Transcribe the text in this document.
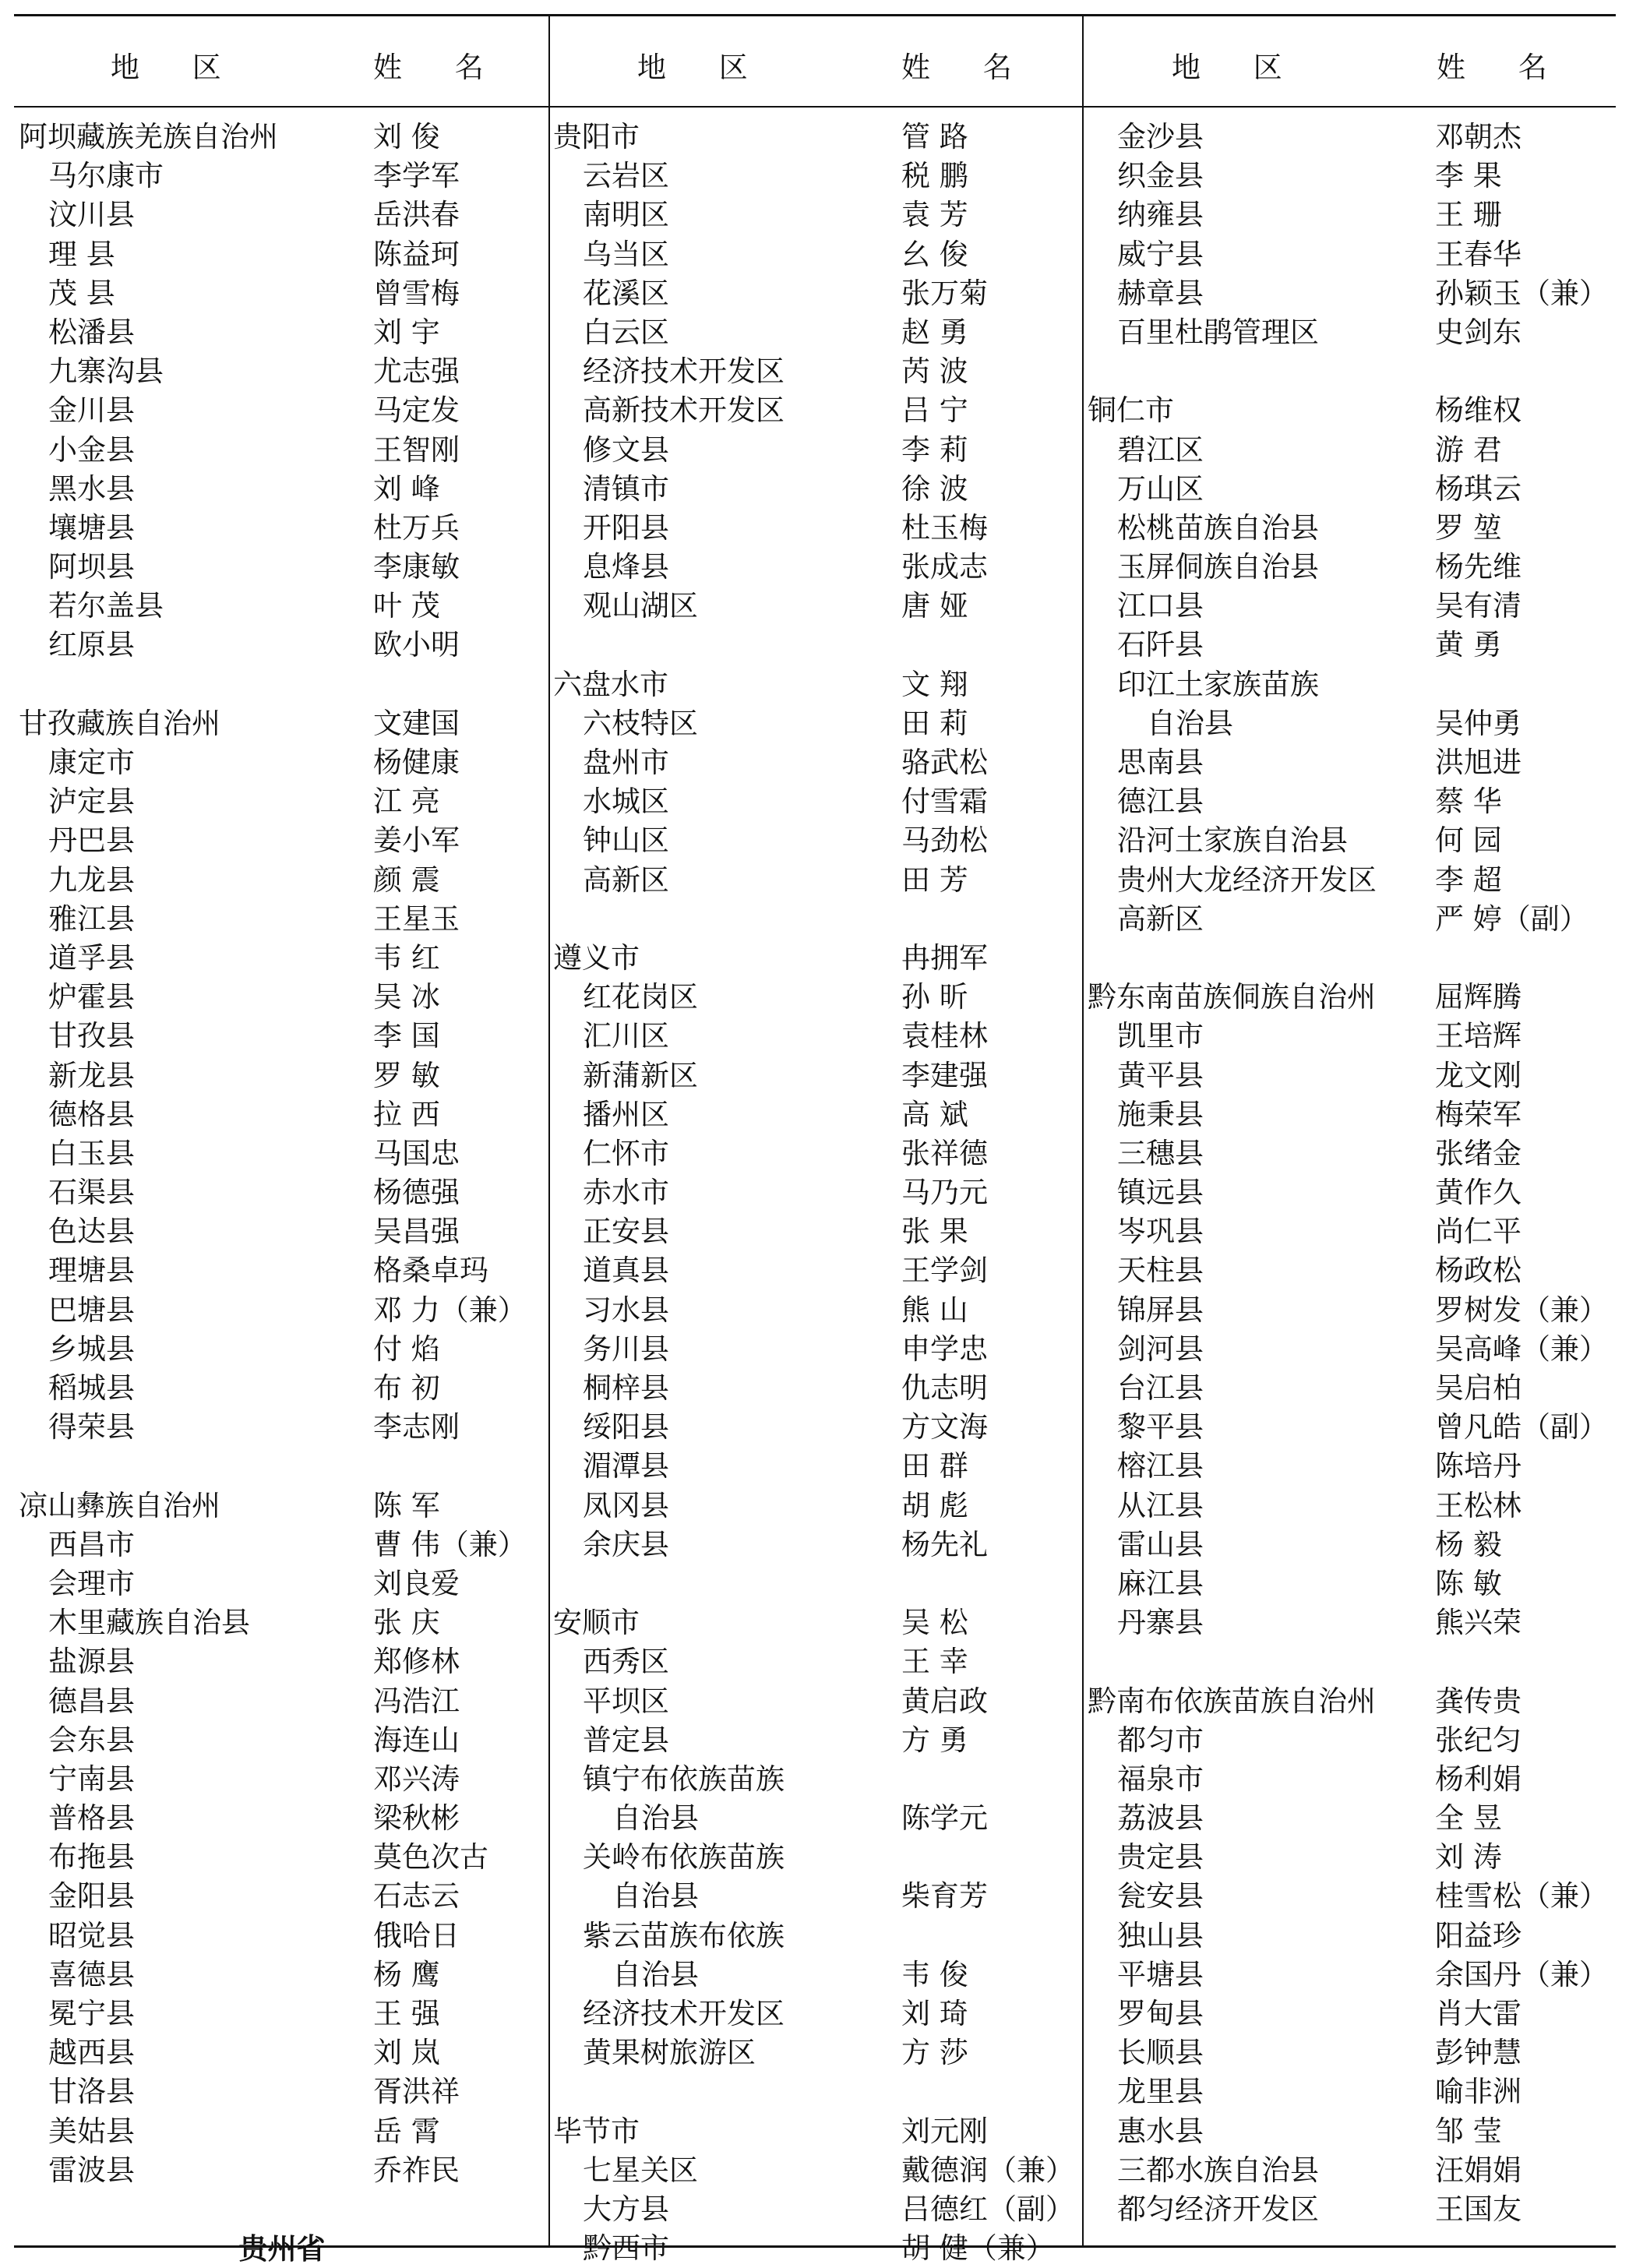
地 区	姓 名
阿坝藏族羌族自治州	刘 俊
马尔康市	李学军
汶川县	岳洪春
理 县	陈益珂
茂 县	曾雪梅
松潘县	刘 宇
九寨沟县	尤志强
金川县	马定发
小金县	王智刚
黑水县	刘 峰
壤塘县	杜万兵
阿坝县	李康敏
若尔盖县	叶 茂
红原县	欧小明
甘孜藏族自治州	文建国
康定市	杨健康
泸定县	江 亮
丹巴县	姜小军
九龙县	颜 震
雅江县	王星玉
道孚县	韦 红
炉霍县	吴 冰
甘孜县	李 国
新龙县	罗 敏
德格县	拉 西
白玉县	马国忠
石渠县	杨德强
色达县	吴昌强
理塘县	格桑卓玛
巴塘县	邓 力（兼）
乡城县	付 焰
稻城县	布 初
得荣县	李志刚
凉山彝族自治州	陈 军
西昌市	曹 伟（兼）
会理市	刘良爱
木里藏族自治县	张 庆
盐源县	郑修林
德昌县	冯浩江
会东县	海连山
宁南县	邓兴涛
普格县	梁秋彬
布拖县	莫色次古
金阳县	石志云
昭觉县	俄哈日
喜德县	杨 鹰
冕宁县	王 强
越西县	刘 岚
甘洛县	胥洪祥
美姑县	岳 霄
雷波县	乔祚民
贵州省
地 区	姓 名
贵阳市	管 路
云岩区	税 鹏
南明区	袁 芳
乌当区	幺 俊
花溪区	张万菊
白云区	赵 勇
经济技术开发区	芮 波
高新技术开发区	吕 宁
修文县	李 莉
清镇市	徐 波
开阳县	杜玉梅
息烽县	张成志
观山湖区	唐 娅
六盘水市	文 翔
六枝特区	田 莉
盘州市	骆武松
水城区	付雪霜
钟山区	马劲松
高新区	田 芳
遵义市	冉拥军
红花岗区	孙 昕
汇川区	袁桂林
新蒲新区	李建强
播州区	高 斌
仁怀市	张祥德
赤水市	马乃元
正安县	张 果
道真县	王学剑
习水县	熊 山
务川县	申学忠
桐梓县	仇志明
绥阳县	方文海
湄潭县	田 群
凤冈县	胡 彪
余庆县	杨先礼
安顺市	吴 松
西秀区	王 幸
平坝区	黄启政
普定县	方 勇
镇宁布依族苗族
自治县	陈学元
关岭布依族苗族
自治县	柴育芳
紫云苗族布依族
自治县	韦 俊
经济技术开发区	刘 琦
黄果树旅游区	方 莎
毕节市	刘元刚
七星关区	戴德润（兼）
大方县	吕德红（副）
黔西市	胡 健（兼）
地 区	姓 名
金沙县	邓朝杰
织金县	李 果
纳雍县	王 珊
威宁县	王春华
赫章县	孙颖玉（兼）
百里杜鹃管理区	史剑东
铜仁市	杨维权
碧江区	游 君
万山区	杨琪云
松桃苗族自治县	罗 堃
玉屏侗族自治县	杨先维
江口县	吴有清
石阡县	黄 勇
印江土家族苗族
自治县	吴仲勇
思南县	洪旭进
德江县	蔡 华
沿河土家族自治县	何 园
贵州大龙经济开发区 李 超
高新区	严 婷（副）
黔东南苗族侗族自治州 屈辉腾
凯里市	王培辉
黄平县	龙文刚
施秉县	梅荣军
三穗县	张绪金
镇远县	黄作久
岑巩县	尚仁平
天柱县	杨政松
锦屏县	罗树发（兼）
剑河县	吴高峰（兼）
台江县	吴启柏
黎平县	曾凡皓（副）
榕江县	陈培丹
从江县	王松林
雷山县	杨 毅
麻江县	陈 敏
丹寨县	熊兴荣
黔南布依族苗族自治州 龚传贵
都匀市	张纪匀
福泉市	杨利娟
荔波县	全 昱
贵定县	刘 涛
瓮安县	桂雪松（兼）
独山县	阳益珍
平塘县	余国丹（兼）
罗甸县	肖大雷
长顺县	彭钟慧
龙里县	喻非洲
惠水县	邹 莹
三都水族自治县	汪娟娟
都匀经济开发区	王国友
